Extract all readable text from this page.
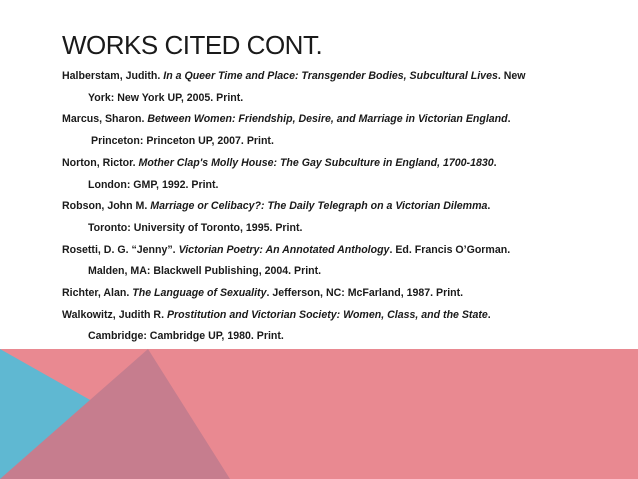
WORKS CITED CONT.
Halberstam, Judith. In a Queer Time and Place: Transgender Bodies, Subcultural Lives. New
York: New York UP, 2005. Print.
Marcus, Sharon. Between Women: Friendship, Desire, and Marriage in Victorian England.
Princeton: Princeton UP, 2007. Print.
Norton, Rictor. Mother Clap's Molly House: The Gay Subculture in England, 1700-1830.
London: GMP, 1992. Print.
Robson, John M. Marriage or Celibacy?: The Daily Telegraph on a Victorian Dilemma.
Toronto: University of Toronto, 1995. Print.
Rosetti, D. G. “Jenny”. Victorian Poetry: An Annotated Anthology. Ed. Francis O’Gorman.
Malden, MA: Blackwell Publishing, 2004. Print.
Richter, Alan. The Language of Sexuality. Jefferson, NC: McFarland, 1987. Print.
Walkowitz, Judith R. Prostitution and Victorian Society: Women, Class, and the State.
Cambridge: Cambridge UP, 1980. Print.
